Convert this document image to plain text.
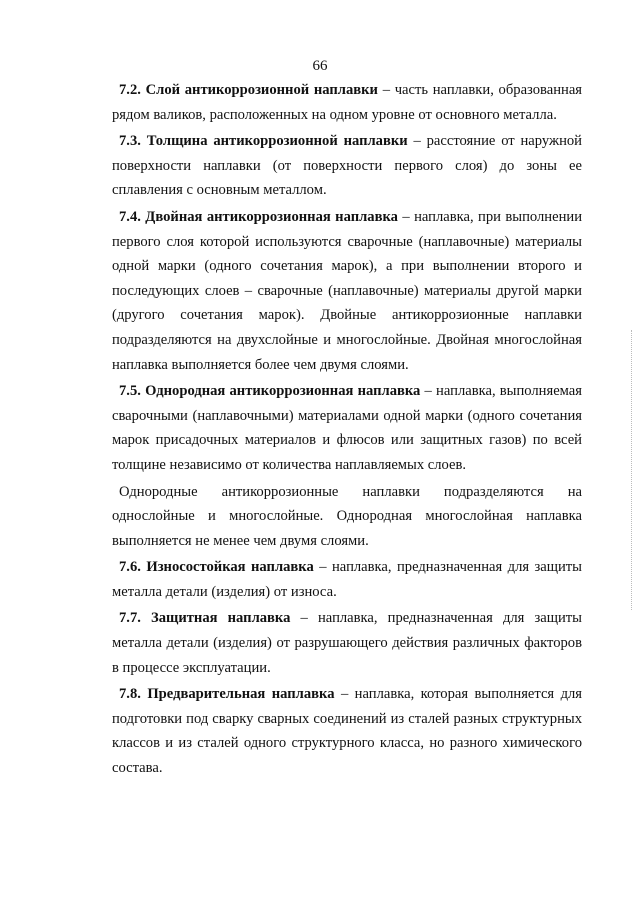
66

7.2. Слой антикоррозионной наплавки – часть наплавки, образованная рядом валиков, расположенных на одном уровне от основного металла.

7.3. Толщина антикоррозионной наплавки – расстояние от наружной поверхности наплавки (от поверхности первого слоя) до зоны ее сплавления с основным металлом.

7.4. Двойная антикоррозионная наплавка – наплавка, при выполнении первого слоя которой используются сварочные (наплавочные) материалы одной марки (одного сочетания марок), а при выполнении второго и последующих слоев – сварочные (наплавочные) материалы другой марки (другого сочетания марок). Двойные антикоррозионные наплавки подразделяются на двухслойные и многослойные. Двойная многослойная наплавка выполняется более чем двумя слоями.

7.5. Однородная антикоррозионная наплавка – наплавка, выполняемая сварочными (наплавочными) материалами одной марки (одного сочетания марок присадочных материалов и флюсов или защитных газов) по всей толщине независимо от количества наплавляемых слоев.

Однородные антикоррозионные наплавки подразделяются на однослойные и многослойные. Однородная многослойная наплавка выполняется не менее чем двумя слоями.

7.6. Износостойкая наплавка – наплавка, предназначенная для защиты металла детали (изделия) от износа.

7.7. Защитная наплавка – наплавка, предназначенная для защиты металла детали (изделия) от разрушающего действия различных факторов в процессе эксплуатации.

7.8. Предварительная наплавка – наплавка, которая выполняется для подготовки под сварку сварных соединений из сталей разных структурных классов и из сталей одного структурного класса, но разного химического состава.
